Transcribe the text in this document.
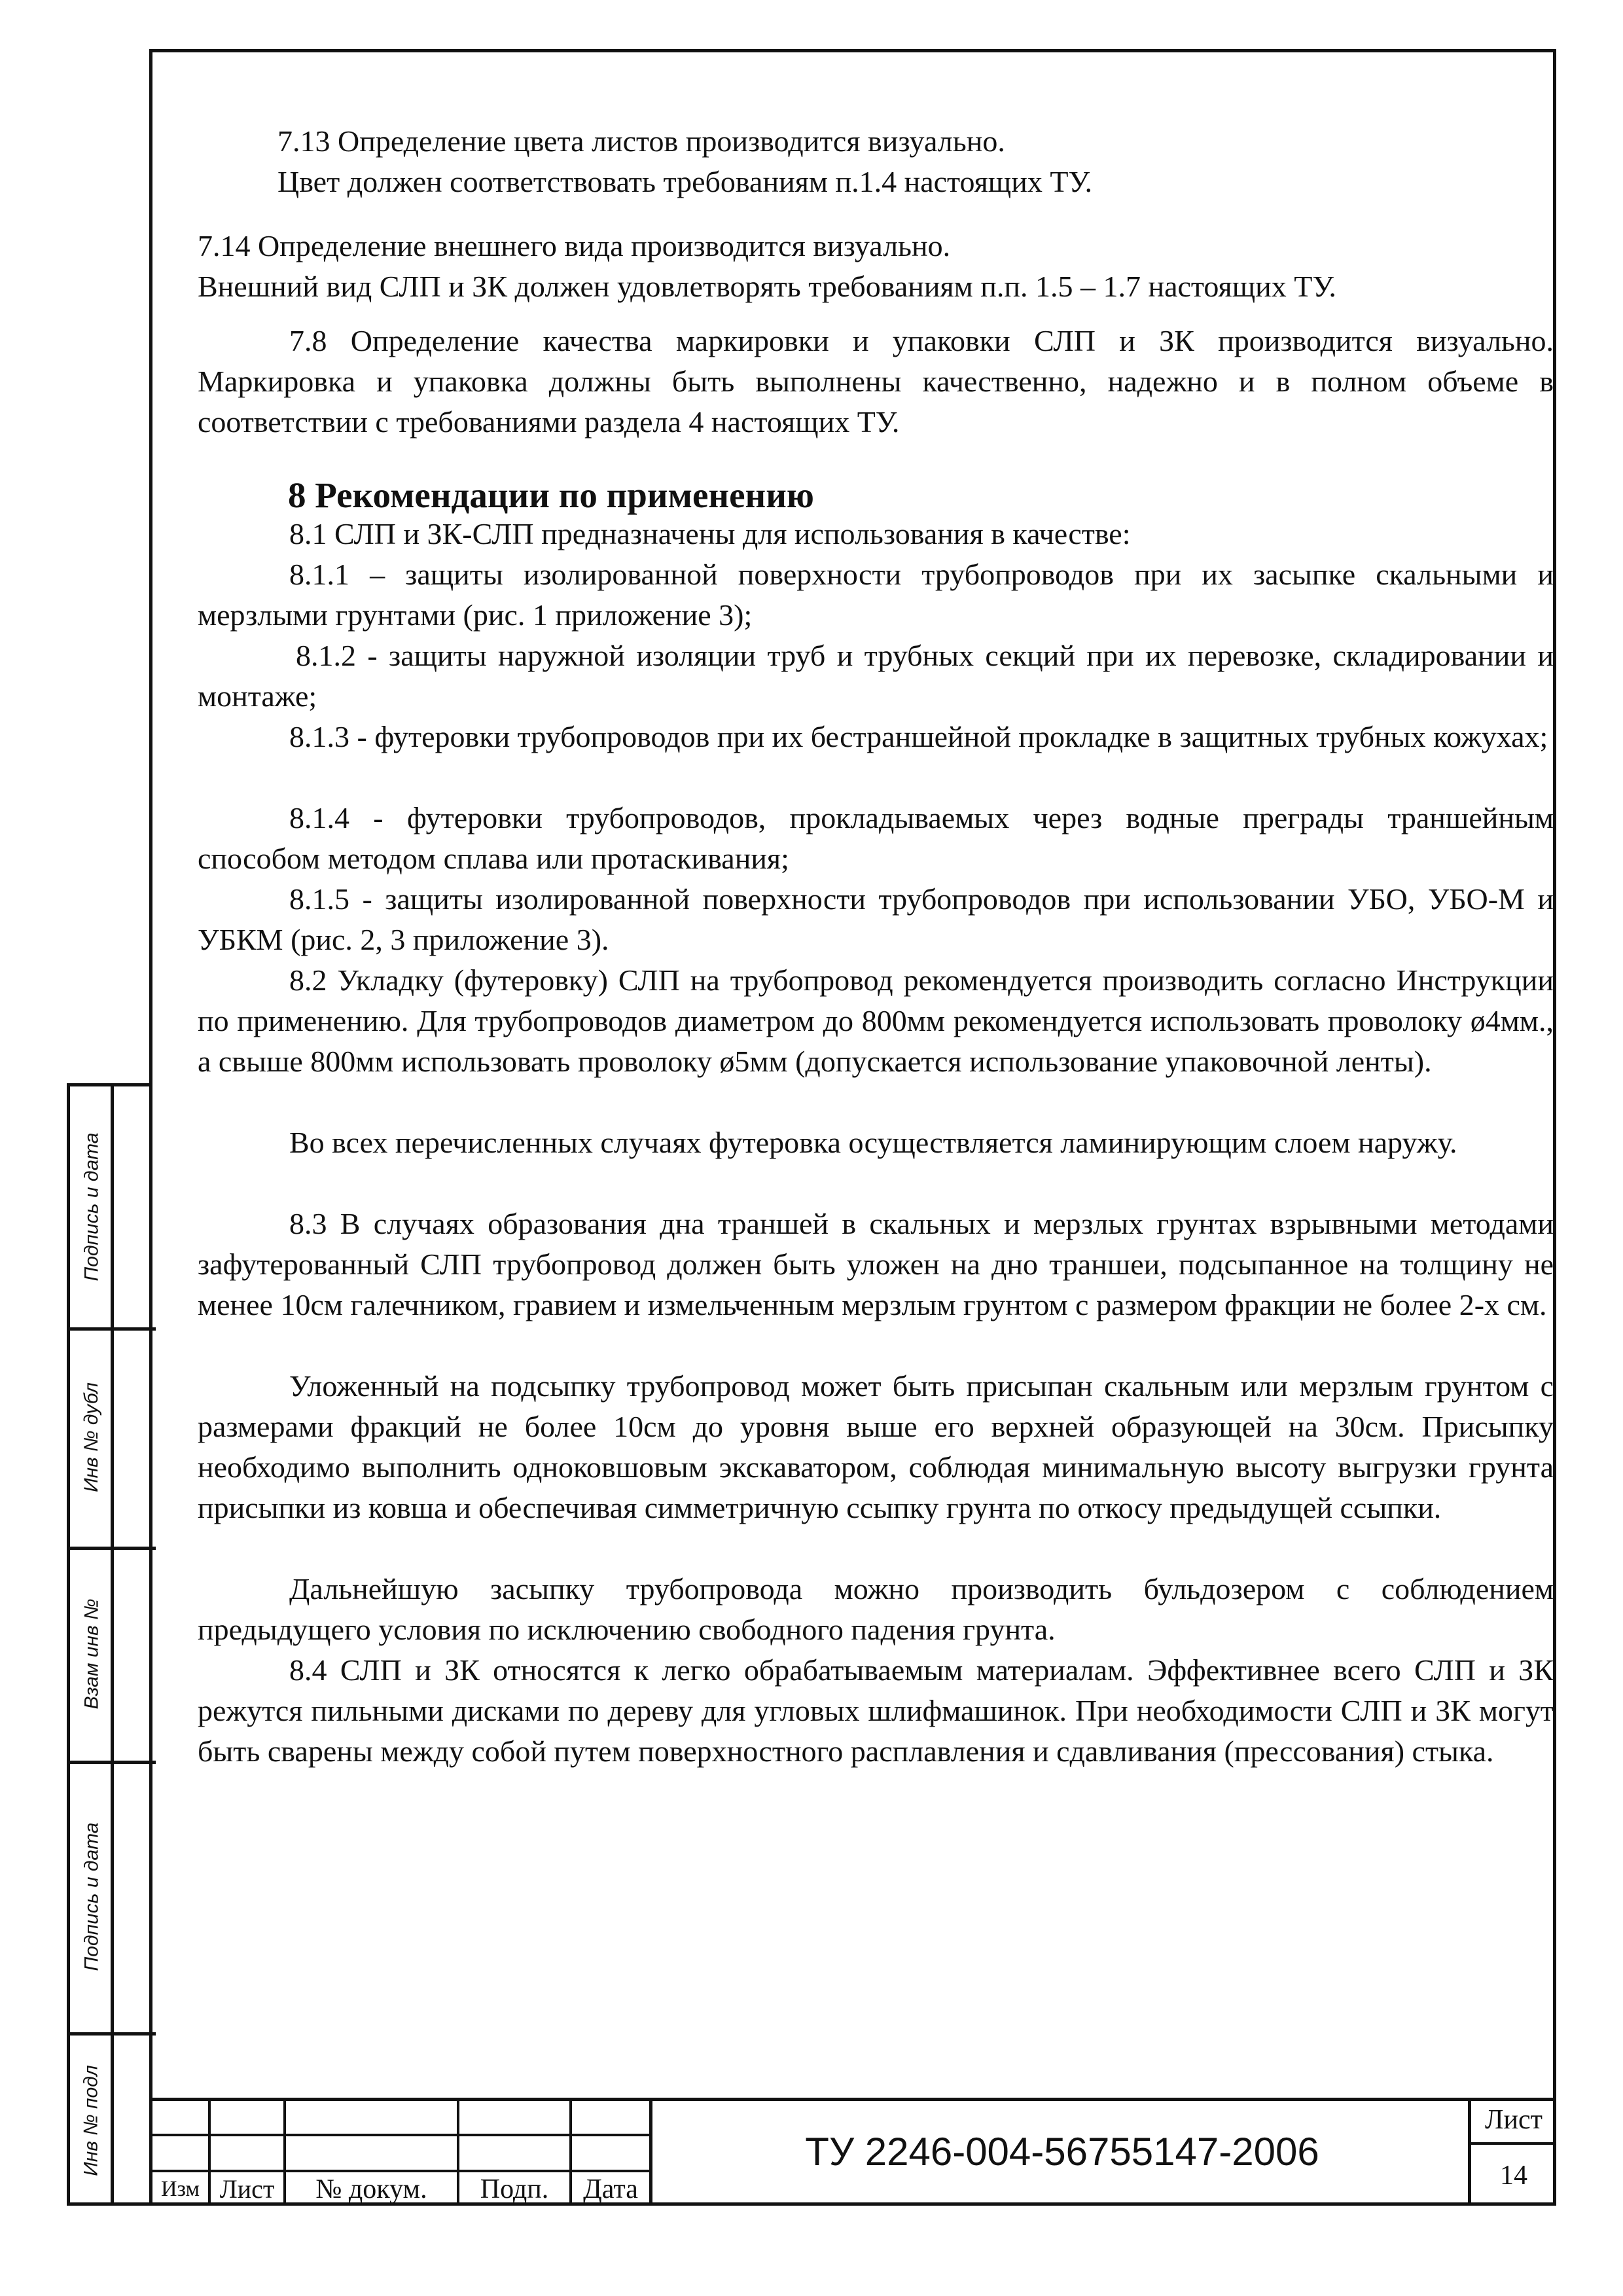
Подпись и дата
Инв № дубл
Взам инв №
Подпись и дата
Инв № подл

7.13 Определение цвета листов производится визуально.
Цвет должен соответствовать требованиям п.1.4 настоящих ТУ.

7.14 Определение внешнего вида производится визуально.
Внешний вид СЛП и ЗК должен удовлетворять требованиям п.п. 1.5 – 1.7 настоящих ТУ.

7.8 Определение качества маркировки и упаковки СЛП и ЗК производится визуально. Маркировка и упаковка должны быть выполнены качественно, надежно и в полном объеме в соответствии с требованиями раздела 4 настоящих ТУ.

8 Рекомендации по применению

8.1 СЛП и ЗК-СЛП предназначены для использования в качестве:

8.1.1 – защиты изолированной поверхности трубопроводов при их засыпке скальными и мерзлыми грунтами (рис. 1 приложение 3);

8.1.2 - защиты наружной изоляции труб и трубных секций при их перевозке, складировании и монтаже;

8.1.3 - футеровки трубопроводов при их бестраншейной прокладке в защитных трубных кожухах;

8.1.4 - футеровки трубопроводов, прокладываемых через водные преграды траншейным способом методом сплава или протаскивания;

8.1.5 - защиты изолированной поверхности трубопроводов при использовании УБО, УБО-М и УБКМ (рис. 2, 3 приложение 3).

8.2 Укладку (футеровку) СЛП на трубопровод рекомендуется производить согласно Инструкции по применению. Для трубопроводов диаметром до 800мм рекомендуется использовать проволоку ø4мм., а свыше 800мм использовать проволоку ø5мм (допускается использование упаковочной ленты).

Во всех перечисленных случаях футеровка осуществляется ламинирующим слоем наружу.

8.3 В случаях образования дна траншей в скальных и мерзлых грунтах взрывными методами зафутерованный СЛП трубопровод должен быть уложен на дно траншеи, подсыпанное на толщину не менее 10см галечником, гравием и измельченным мерзлым грунтом с размером фракции не более 2-х см.

Уложенный на подсыпку трубопровод может быть присыпан скальным или мерзлым грунтом с размерами фракций не более 10см до уровня выше его верхней образующей на 30см. Присыпку необходимо выполнить одноковшовым экскаватором, соблюдая минимальную высоту выгрузки грунта присыпки из ковша и обеспечивая симметричную ссыпку грунта по откосу предыдущей ссыпки.

Дальнейшую засыпку трубопровода можно производить бульдозером с соблюдением предыдущего условия по исключению свободного падения грунта.

8.4 СЛП и ЗК относятся к легко обрабатываемым материалам. Эффективнее всего СЛП и ЗК режутся пильными дисками по дереву для угловых шлифмашинок. При необходимости СЛП и ЗК могут быть сварены между собой путем поверхностного расплавления и сдавливания (прессования) стыка.

Изм Лист	№ докум.	Подп.	Дата
ТУ 2246-004-56755147-2006
Лист
14
